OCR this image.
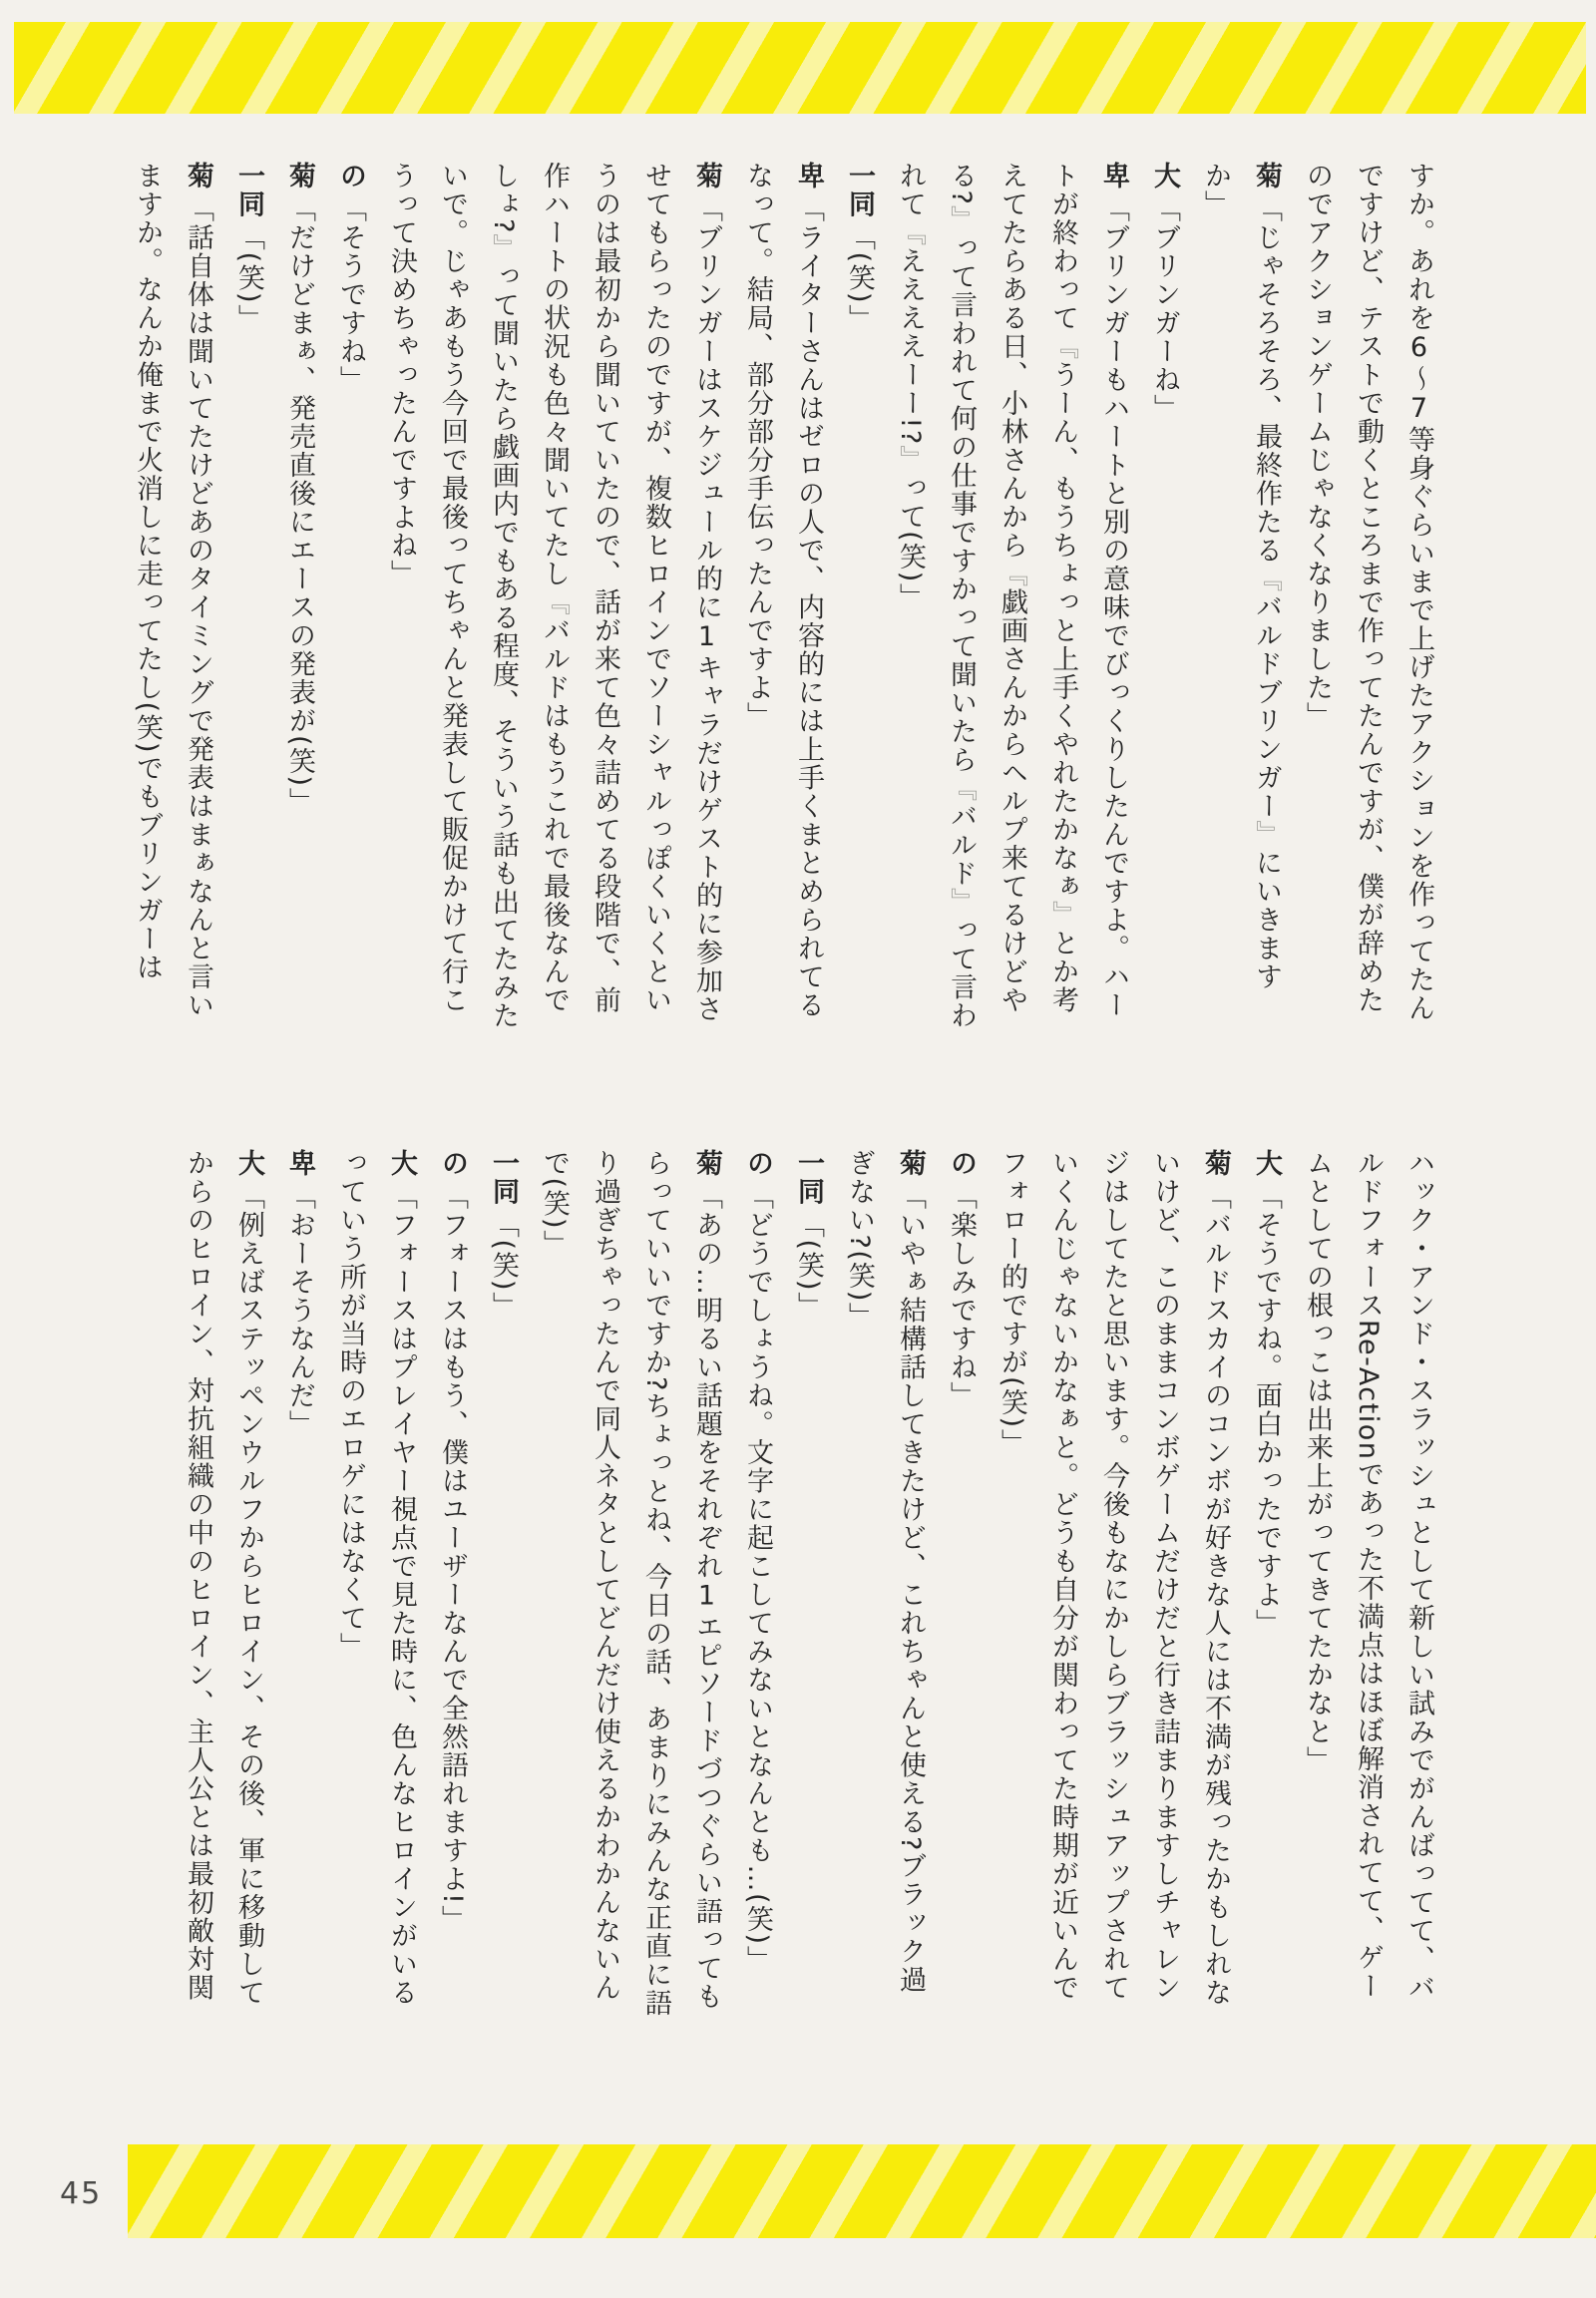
すか。あれを6〜7等身ぐらいまで上げたアクションを作ってたんですけど、テストで動くところまで作ってたんですが、僕が辞めたのでアクションゲームじゃなくなりました」

菊「じゃそろそろ、最終作たる『バルドブリンガー』にいきますか」

大「ブリンガーね」

卑「ブリンガーもハートと別の意味でびっくりしたんですよ。ハートが終わって『うーん、もうちょっと上手くやれたかなぁ』とか考えてたらある日、小林さんから『戯画さんからヘルプ来てるけどやる?』って言われて何の仕事ですかって聞いたら『バルド』って言われて『ええええーー!?』って(笑)」

一同「(笑)」

卑「ライターさんはゼロの人で、内容的には上手くまとめられてるなって。結局、部分部分手伝ったんですよ」

菊「ブリンガーはスケジュール的に1キャラだけゲスト的に参加させてもらったのですが、複数ヒロインでソーシャルっぽくいくというのは最初から聞いていたので、話が来て色々詰めてる段階で、前作ハートの状況も色々聞いてたし『バルドはもうこれで最後なんでしょ?』って聞いたら戯画内でもある程度、そういう話も出てたみたいで。じゃあもう今回で最後ってちゃんと発表して販促かけて行こうって決めちゃったんですよね」

の「そうですね」

菊「だけどまぁ、発売直後にエースの発表が(笑)」

一同「(笑)」

菊「話自体は聞いてたけどあのタイミングで発表はまぁなんと言いますか。なんか俺まで火消しに走ってたし(笑)でもブリンガーは

ハック・アンド・スラッシュとして新しい試みでがんばってて、バルドフォースRe-Actionであった不満点はほぼ解消されてて、ゲームとしての根っこは出来上がってきてたかなと」

大「そうですね。面白かったですよ」

菊「バルドスカイのコンボが好きな人には不満が残ったかもしれないけど、このままコンボゲームだけだと行き詰まりますしチャレンジはしてたと思います。今後もなにかしらブラッシュアップされていくんじゃないかなぁと。どうも自分が関わってた時期が近いんでフォロー的ですが(笑)」

の「楽しみですね」

菊「いやぁ結構話してきたけど、これちゃんと使える?ブラック過ぎない?(笑)」

一同「(笑)」

の「どうでしょうね。文字に起こしてみないとなんとも…(笑)」

菊「あの…明るい話題をそれぞれ1エピソードづつぐらい語ってもらっていいですか?ちょっとね、今日の話、あまりにみんな正直に語り過ぎちゃったんで同人ネタとしてどんだけ使えるかわかんないんで(笑)」

一同「(笑)」

の「フォースはもう、僕はユーザーなんで全然語れますよ!」

大「フォースはプレイヤー視点で見た時に、色んなヒロインがいるっていう所が当時のエロゲにはなくて」

卑「おーそうなんだ」

大「例えばステッペンウルフからヒロイン、その後、軍に移動してからのヒロイン、対抗組織の中のヒロイン、主人公とは最初敵対関

45
